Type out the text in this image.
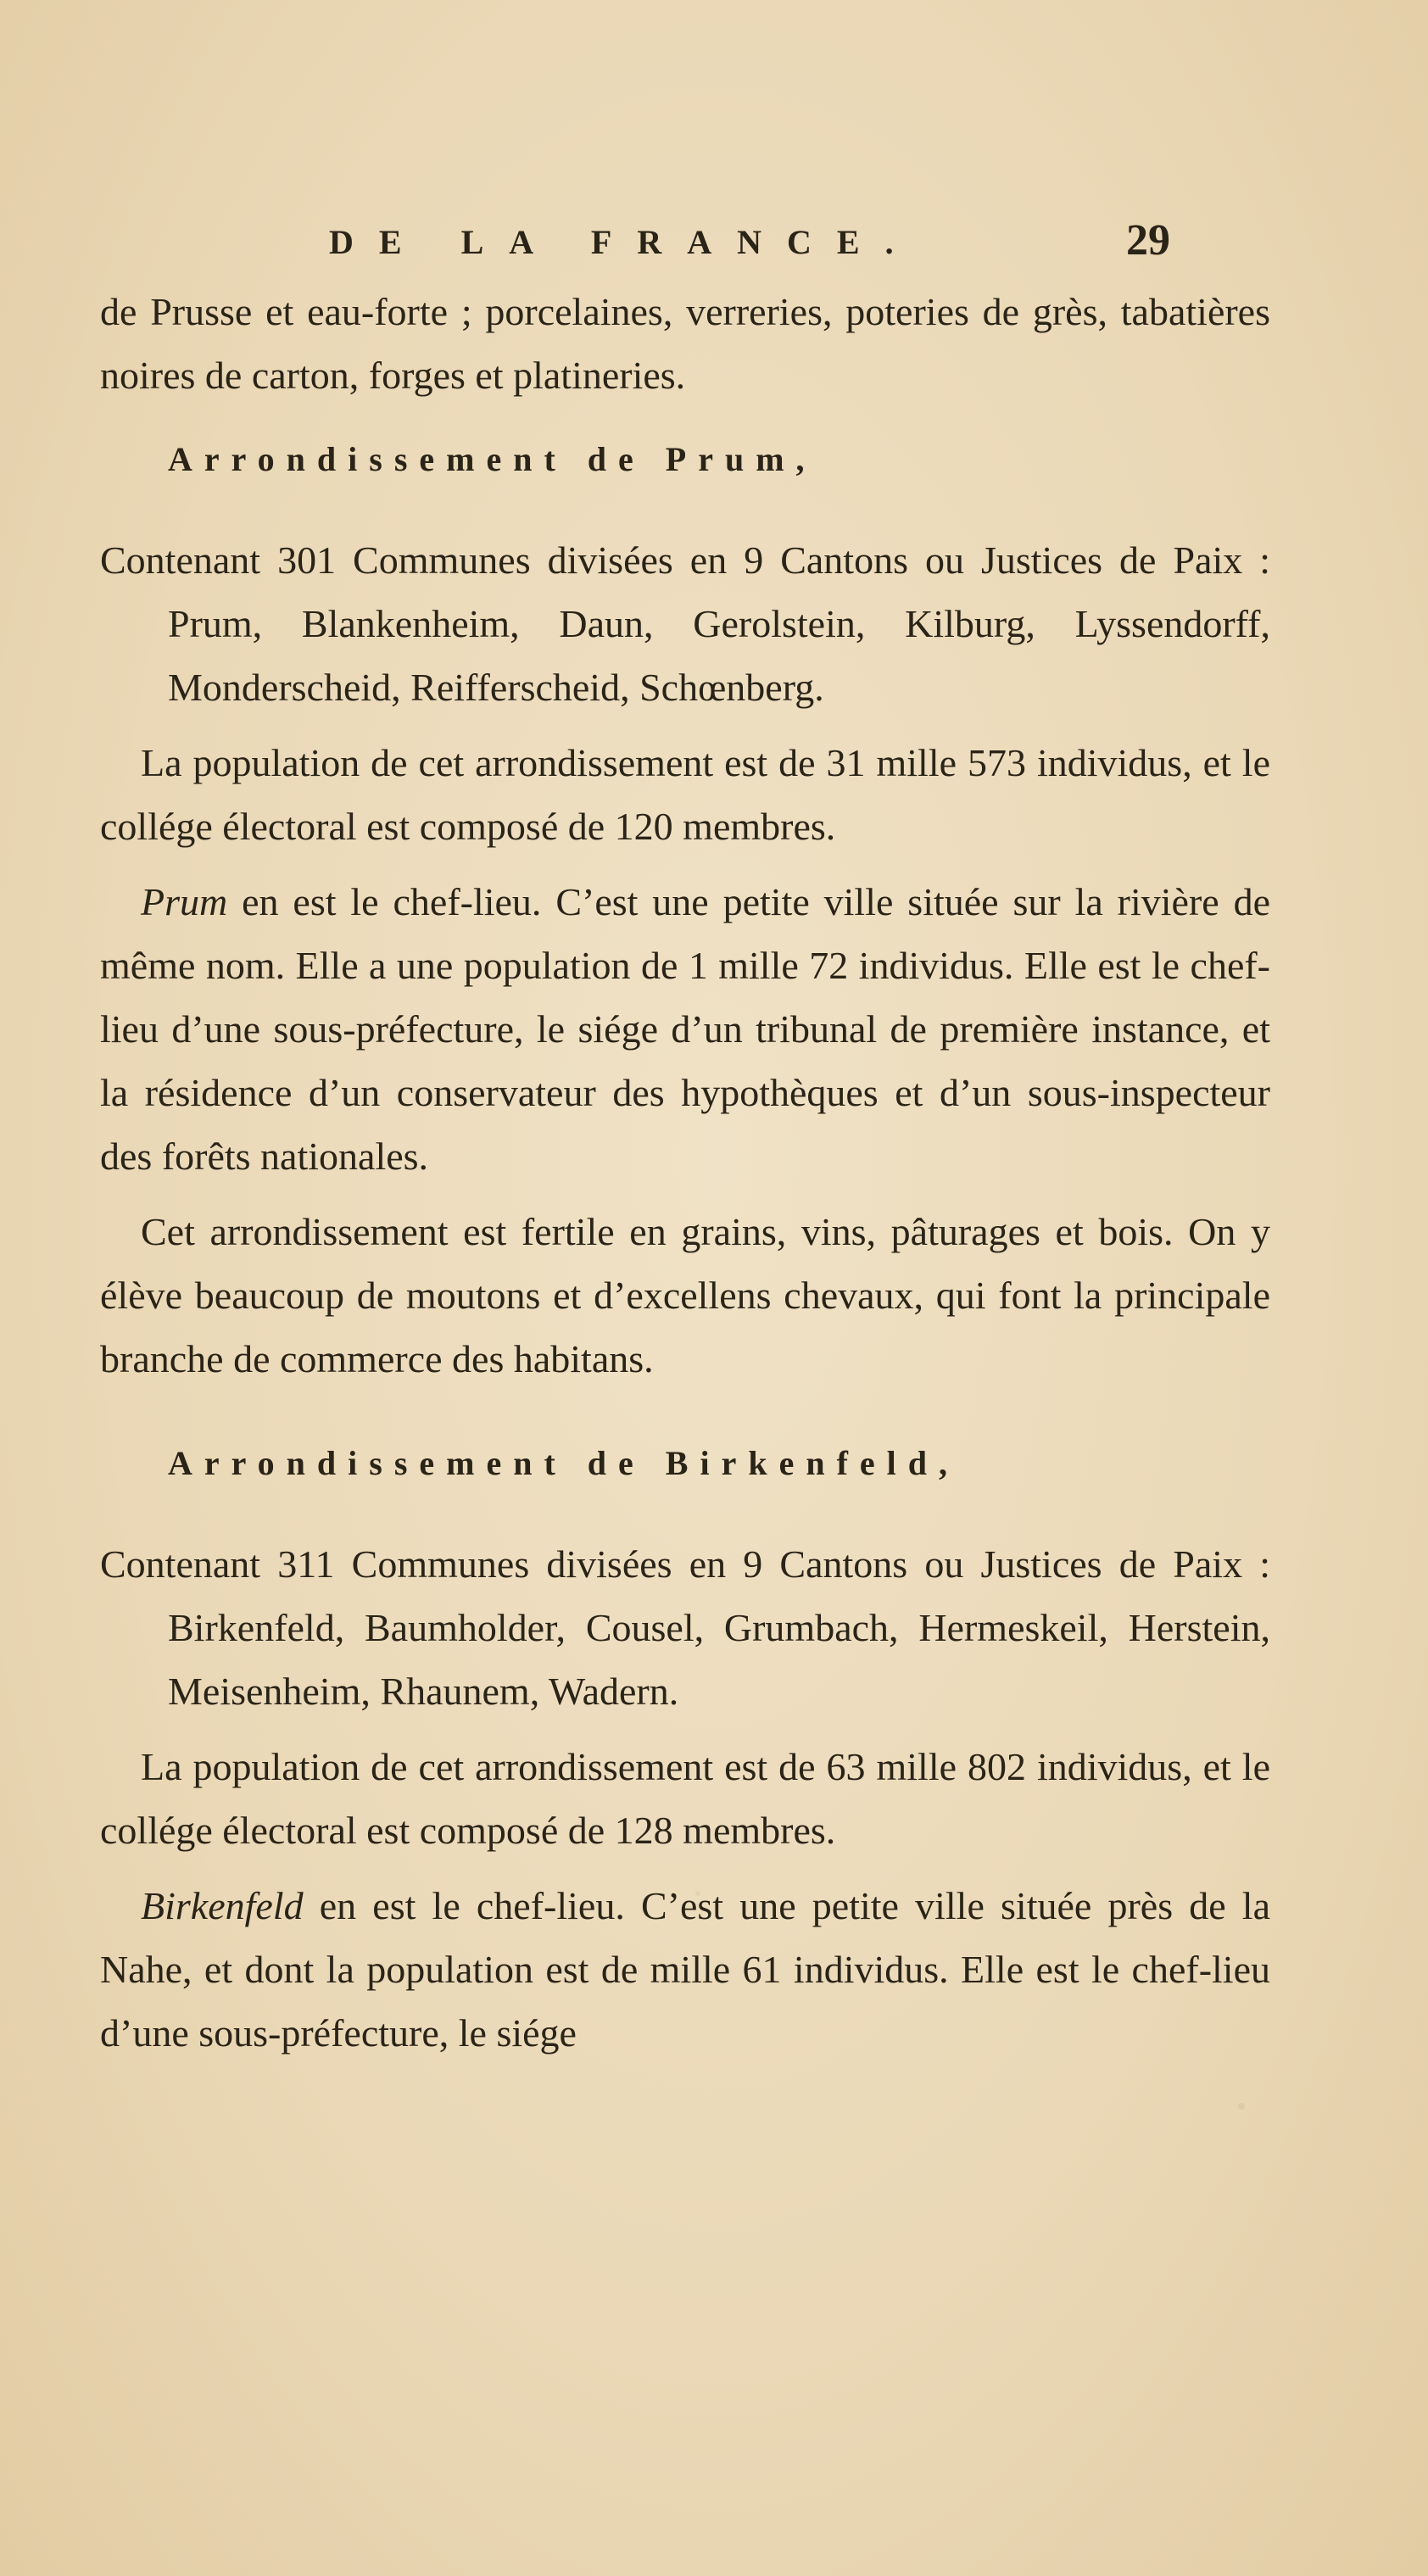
DE LA FRANCE.	29

de Prusse et eau-forte ; porcelaines, verreries, poteries de grès, tabatières noires de carton, forges et platineries.

Arrondissement de Prum,

Contenant 301 Communes divisées en 9 Cantons ou Justices de Paix : Prum, Blankenheim, Daun, Gerolstein, Kilburg, Lyssendorff, Monderscheid, Reifferscheid, Schœnberg.

La population de cet arrondissement est de 31 mille 573 individus, et le collége électoral est composé de 120 membres.

Prum en est le chef-lieu. C’est une petite ville située sur la rivière de même nom. Elle a une population de 1 mille 72 individus. Elle est le chef-lieu d’une sous-préfecture, le siége d’un tribunal de première instance, et la résidence d’un conservateur des hypothèques et d’un sous-inspecteur des forêts nationales.

Cet arrondissement est fertile en grains, vins, pâturages et bois. On y élève beaucoup de moutons et d’excellens chevaux, qui font la principale branche de commerce des habitans.

Arrondissement de Birkenfeld,

Contenant 311 Communes divisées en 9 Cantons ou Justices de Paix : Birkenfeld, Baumholder, Cousel, Grumbach, Hermeskeil, Herstein, Meisenheim, Rhaunem, Wadern.

La population de cet arrondissement est de 63 mille 802 individus, et le collége électoral est composé de 128 membres.

Birkenfeld en est le chef-lieu. C’est une petite ville située près de la Nahe, et dont la population est de mille 61 individus. Elle est le chef-lieu d’une sous-préfecture, le siége
